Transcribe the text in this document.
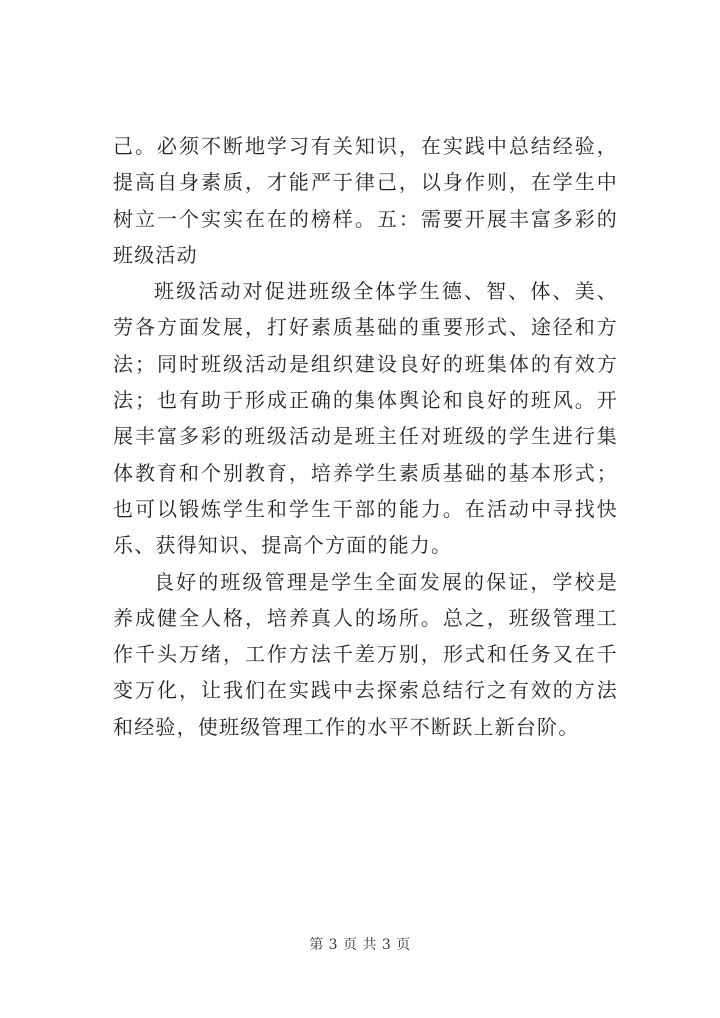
己。必须不断地学习有关知识，在实践中总结经验，提高自身素质，才能严于律己，以身作则，在学生中树立一个实实在在的榜样。五：需要开展丰富多彩的班级活动

班级活动对促进班级全体学生德、智、体、美、劳各方面发展，打好素质基础的重要形式、途径和方法；同时班级活动是组织建设良好的班集体的有效方法；也有助于形成正确的集体舆论和良好的班风。开展丰富多彩的班级活动是班主任对班级的学生进行集体教育和个别教育，培养学生素质基础的基本形式；也可以锻炼学生和学生干部的能力。在活动中寻找快乐、获得知识、提高个方面的能力。

良好的班级管理是学生全面发展的保证，学校是养成健全人格，培养真人的场所。总之，班级管理工作千头万绪，工作方法千差万别，形式和任务又在千变万化，让我们在实践中去探索总结行之有效的方法和经验，使班级管理工作的水平不断跃上新台阶。

第 3 页 共 3 页
